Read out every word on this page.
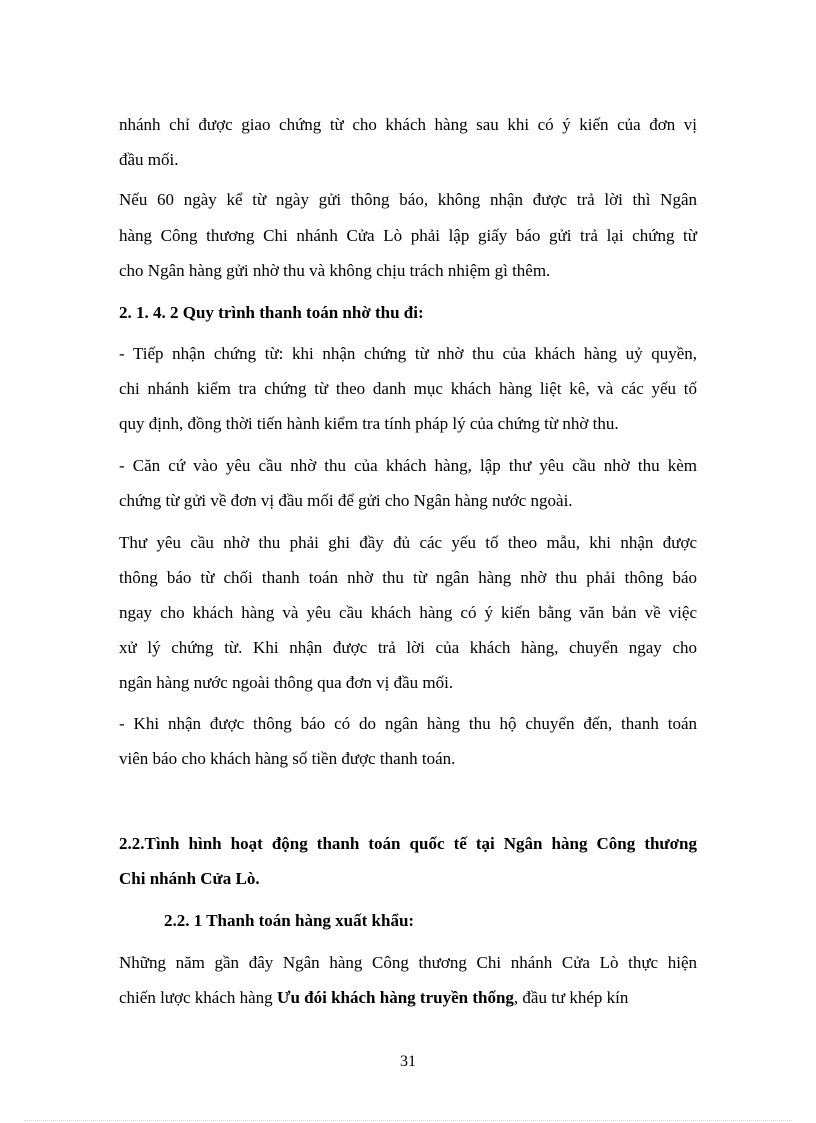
nhánh chỉ được giao chứng từ cho khách hàng sau khi có ý kiến của đơn vị
đầu mối.
Nếu 60 ngày kể từ ngày gửi thông báo, không nhận được trả lời thì Ngân
hàng Công thương Chi nhánh Cửa Lò phải lập giấy báo gửi trả lại chứng từ
cho Ngân hàng gửi nhờ thu và không chịu trách nhiệm gì thêm.
2. 1. 4. 2 Quy trình thanh toán nhờ thu đi:
- Tiếp nhận chứng từ: khi nhận chứng từ nhờ thu của khách hàng uỷ quyền,
chi nhánh kiểm tra chứng từ theo danh mục khách hàng liệt kê, và các yếu tố
quy định, đồng thời tiến hành kiểm tra tính pháp lý của chứng từ nhờ thu.
- Căn cứ vào yêu cầu nhờ thu của khách hàng, lập thư yêu cầu nhờ thu kèm
chứng từ gửi về đơn vị đầu mối để gửi cho Ngân hàng nước ngoài.
Thư yêu cầu nhờ thu phải ghi đầy đủ các yếu tố theo mẫu, khi nhận được
thông báo từ chối thanh toán nhờ thu từ ngân hàng nhờ thu phải thông báo
ngay cho khách hàng và yêu cầu khách hàng có ý kiến bằng văn bản về việc
xử lý chứng từ. Khi nhận được trả lời của khách hàng, chuyển ngay cho
ngân hàng nước ngoài thông qua đơn vị đầu mối.
- Khi nhận được thông báo có do ngân hàng thu hộ chuyển đến, thanh toán
viên báo cho khách hàng số tiền được thanh toán.
2.2.Tình hình hoạt động thanh toán quốc tế tại Ngân hàng Công thương
Chi nhánh Cửa Lò.
2.2. 1 Thanh toán hàng xuất khẩu:
Những năm gần đây Ngân hàng Công thương Chi nhánh Cửa Lò thực hiện
chiến lược khách hàng Ưu đói khách hàng truyền thống, đầu tư khép kín
31
